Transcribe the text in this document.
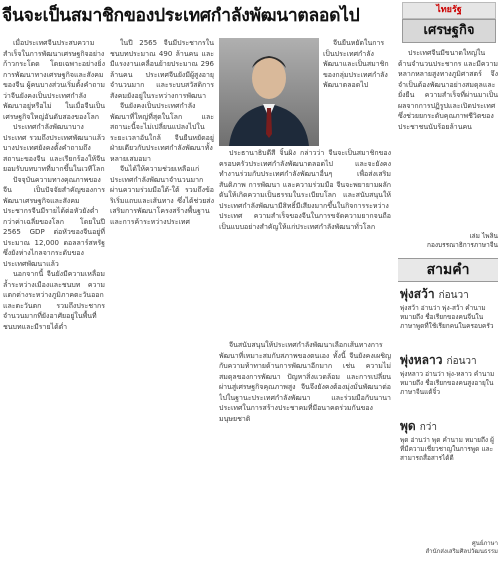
จีนจะเป็นสมาชิกของประเทศกำลังพัฒนาตลอดไป	ไทยรัฐ
เศรษฐกิจ

เมื่อประเทศจีนประสบความสำเร็จในการพัฒนาเศรษฐกิจอย่างก้าวกระโดด โดยเฉพาะอย่างยิ่งการพัฒนาทางเศรษฐกิจและสังคมของจีน ผู้คนบางส่วนเริ่มตั้งคำถามว่าจีนยังคงเป็นประเทศกำลังพัฒนาอยู่หรือไม่ ในเมื่อจีนเป็นเศรษฐกิจใหญ่อันดับสองของโลก

ประเทศกำลังพัฒนาบางประเทศ รวมถึงประเทศพัฒนาแล้วบางประเทศยังคงตั้งคำถามถึงสถานะของจีน และเรียกร้องให้จีนยอมรับบทบาทที่มากขึ้นในเวทีโลก

ปัจจุบันความทางคุณภาพของจีน เป็นปัจจัยสำคัญของการพัฒนาเศรษฐกิจและสังคม ประชากรจีนมีรายได้ต่อหัวยังต่ำกว่าค่าเฉลี่ยของโลก โดยในปี 2565 GDP ต่อหัวของจีนอยู่ที่ประมาณ 12,000 ดอลลาร์สหรัฐ ซึ่งยังห่างไกลจากระดับของประเทศพัฒนาแล้ว

นอกจากนี้ จีนยังมีความเหลื่อมล้ำระหว่างเมืองและชนบท ความแตกต่างระหว่างภูมิภาคตะวันออกและตะวันตก รวมถึงประชากรจำนวนมากที่ยังอาศัยอยู่ในพื้นที่ชนบทและมีรายได้ต่ำ

ในปี 2565 จีนมีประชากรในชนบทประมาณ 490 ล้านคน และมีแรงงานเคลื่อนย้ายประมาณ 296 ล้านคน ประเทศจีนยังมีผู้สูงอายุจำนวนมาก และระบบสวัสดิการสังคมยังอยู่ในระหว่างการพัฒนา

จีนยังคงเป็นประเทศกำลังพัฒนาที่ใหญ่ที่สุดในโลก และสถานะนี้จะไม่เปลี่ยนแปลงไปในระยะเวลาอันใกล้ จีนยืนหยัดอยู่ฝ่ายเดียวกับประเทศกำลังพัฒนาทั้งหลายเสมอมา

จีนได้ให้ความช่วยเหลือแก่ประเทศกำลังพัฒนาจำนวนมากผ่านความร่วมมือใต้-ใต้ รวมถึงข้อริเริ่มแถบและเส้นทาง ซึ่งได้ช่วยส่งเสริมการพัฒนาโครงสร้างพื้นฐานและการค้าระหว่างประเทศ

จีนยืนหยัดในการเป็นประเทศกำลังพัฒนาและเป็นสมาชิกของกลุ่มประเทศกำลังพัฒนาตลอดไป

ประธานาธิบดีสี จิ้นผิง กล่าวว่า จีนจะเป็นสมาชิกของครอบครัวประเทศกำลังพัฒนาตลอดไป และจะยังคงทำงานร่วมกับประเทศกำลังพัฒนาอื่นๆ เพื่อส่งเสริมสันติภาพ การพัฒนา และความร่วมมือ จีนจะพยายามผลักดันให้เกิดความเป็นธรรมในระเบียบโลก และสนับสนุนให้ประเทศกำลังพัฒนามีสิทธิ์มีเสียงมากขึ้นในกิจการระหว่างประเทศ ความสำเร็จของจีนในการขจัดความยากจนถือเป็นแบบอย่างสำคัญให้แก่ประเทศกำลังพัฒนาทั่วโลก

จีนสนับสนุนให้ประเทศกำลังพัฒนาเลือกเส้นทางการพัฒนาที่เหมาะสมกับสภาพของตนเอง ทั้งนี้ จีนยังคงเผชิญกับความท้าทายด้านการพัฒนาอีกมาก เช่น ความไม่สมดุลของการพัฒนา ปัญหาสิ่งแวดล้อม และการเปลี่ยนผ่านสู่เศรษฐกิจคุณภาพสูง จีนจึงยังคงต้องมุ่งมั่นพัฒนาต่อไปในฐานะประเทศกำลังพัฒนา และร่วมมือกับนานาประเทศในการสร้างประชาคมที่มีอนาคตร่วมกันของมนุษยชาติ

ประเทศจีนมีขนาดใหญ่ในด้านจำนวนประชากร และมีความหลากหลายสูงทางภูมิศาสตร์ จึงจำเป็นต้องพัฒนาอย่างสมดุลและยั่งยืน ความสำเร็จที่ผ่านมาเป็นผลจากการปฏิรูปและเปิดประเทศ ซึ่งช่วยยกระดับคุณภาพชีวิตของประชาชนนับร้อยล้านคน

เล่ม ไพลิน
กองบรรณาธิการภาษาจีน
สามคำ
พุ่งสว้า ก่อนวา
พุ่งสว้า อ่านว่า พุ่ง-สว้า คำนาม หมายถึง ชื่อเรียกของคนจีนในภาษาพูดที่ใช้เรียกคนในครอบครัว
พุ่งหลาว ก่อนวา
พุ่งหลาว อ่านว่า พุ่ง-หลาว คำนาม หมายถึง ชื่อเรียกของคนสูงอายุในภาษาจีนแต้จิ๋ว
พุด กว่า
พุด อ่านว่า พุด คำนาม หมายถึง ผู้ที่มีความเชี่ยวชาญในการพูด และสามารถสื่อสารได้ดี
ศูนย์ภาษา
สำนักส่งเสริมศิลปวัฒนธรรม
